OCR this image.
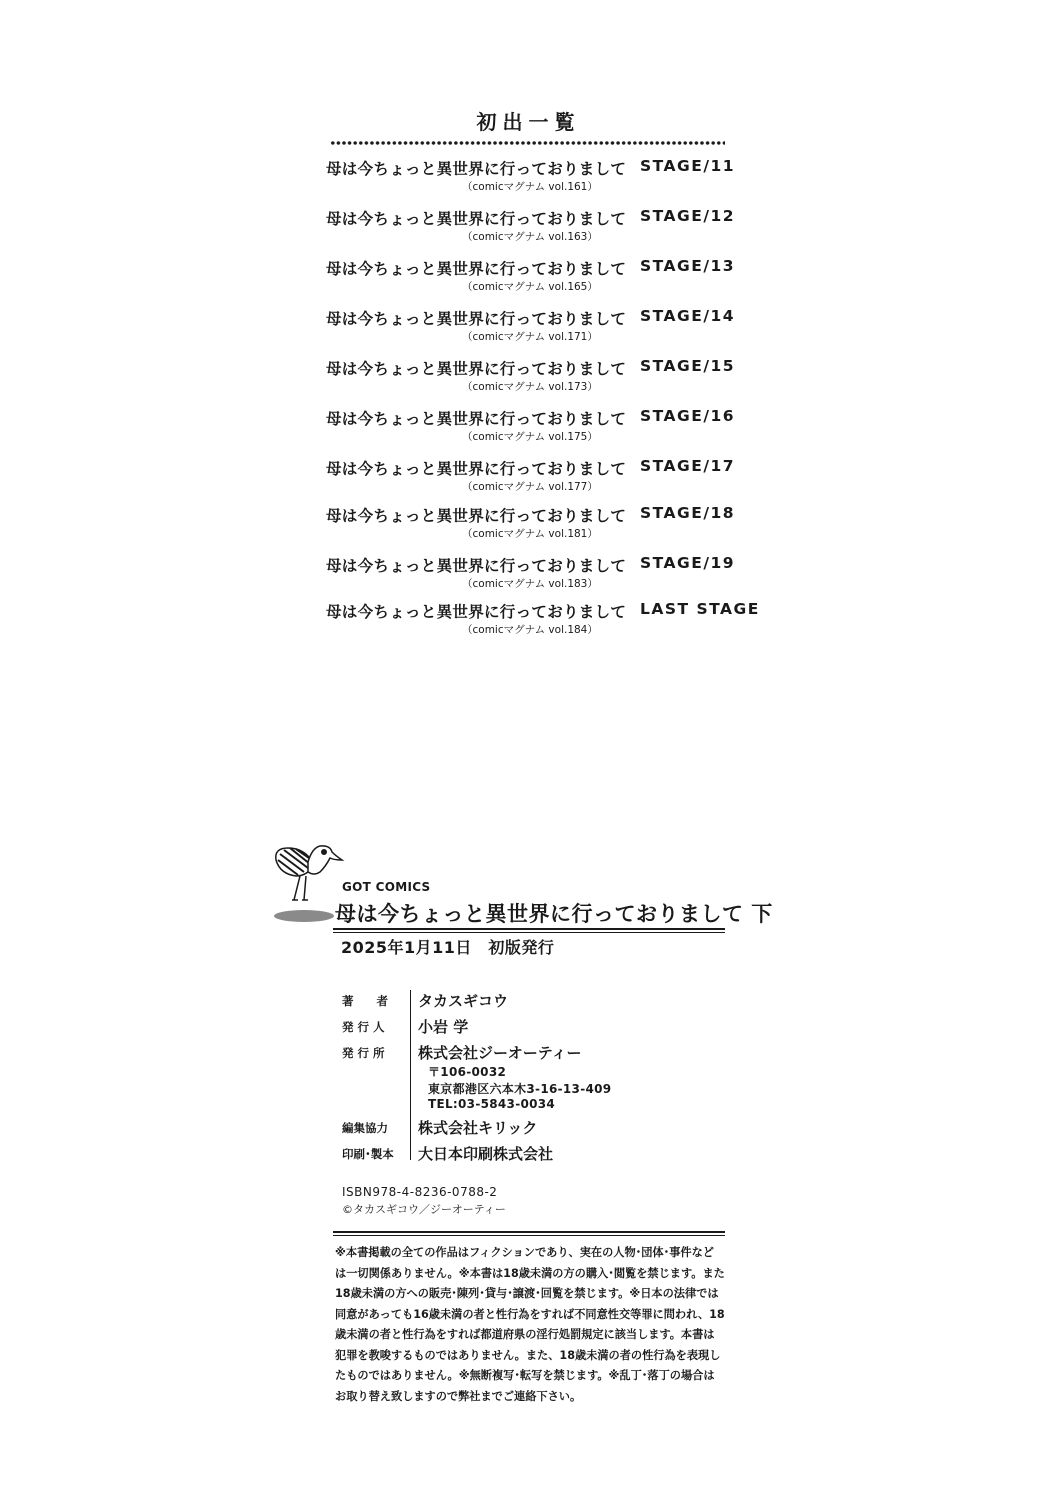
初出一覧
母は今ちょっと異世界に行っておりまして STAGE/11
（comicマグナム vol.161）
母は今ちょっと異世界に行っておりまして STAGE/12
（comicマグナム vol.163）
母は今ちょっと異世界に行っておりまして STAGE/13
（comicマグナム vol.165）
母は今ちょっと異世界に行っておりまして STAGE/14
（comicマグナム vol.171）
母は今ちょっと異世界に行っておりまして STAGE/15
（comicマグナム vol.173）
母は今ちょっと異世界に行っておりまして STAGE/16
（comicマグナム vol.175）
母は今ちょっと異世界に行っておりまして STAGE/17
（comicマグナム vol.177）
母は今ちょっと異世界に行っておりまして STAGE/18
（comicマグナム vol.181）
母は今ちょっと異世界に行っておりまして STAGE/19
（comicマグナム vol.183）
母は今ちょっと異世界に行っておりまして LAST STAGE
（comicマグナム vol.184）
GOT COMICS
母は今ちょっと異世界に行っておりまして 下
2025年1月11日　初版発行
著　　者	タカスギコウ
発 行 人	小岩 学
発 行 所	株式会社ジーオーティー
〒106-0032
東京都港区六本木3-16-13-409
TEL:03-5843-0034
編集協力	株式会社キリック
印刷･製本	大日本印刷株式会社
ISBN978-4-8236-0788-2
©タカスギコウ／ジーオーティー
※本書掲載の全ての作品はフィクションであり、実在の人物･団体･事件などは一切関係ありません。※本書は18歳未満の方の購入･閲覧を禁じます。また18歳未満の方への販売･陳列･貸与･譲渡･回覧を禁じます。※日本の法律では同意があっても16歳未満の者と性行為をすれば不同意性交等罪に問われ、18歳未満の者と性行為をすれば都道府県の淫行処罰規定に該当します。本書は犯罪を教唆するものではありません。また、18歳未満の者の性行為を表現したものではありません。※無断複写･転写を禁じます。※乱丁･落丁の場合はお取り替え致しますので弊社までご連絡下さい。
